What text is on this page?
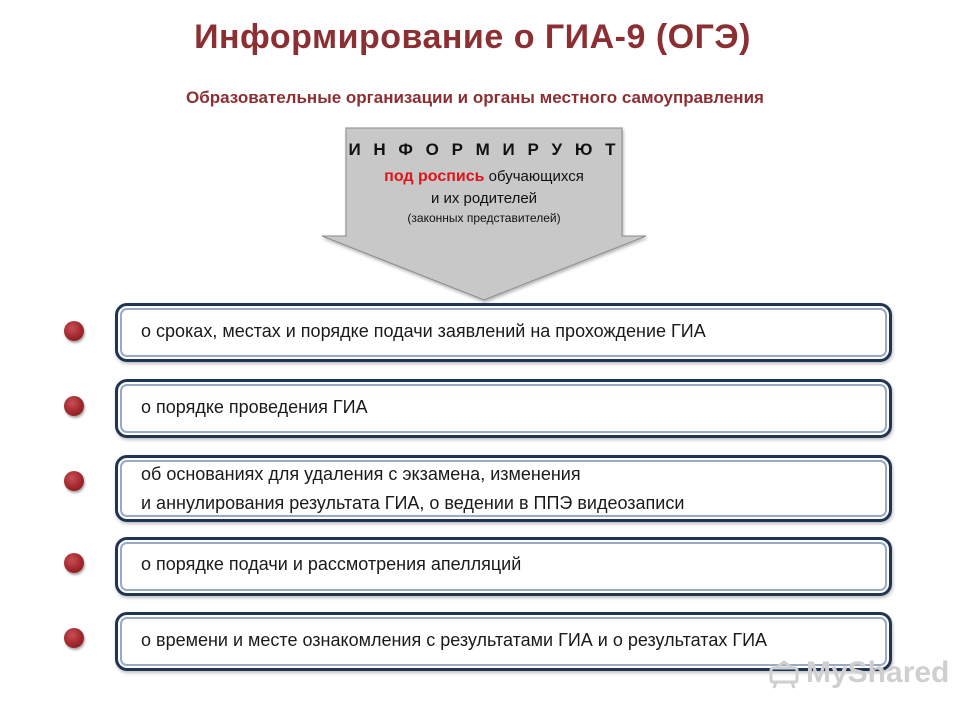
Информирование о ГИА-9 (ОГЭ)
Образовательные организации и органы местного самоуправления
И Н Ф О Р М И Р У Ю Т
под роспись обучающихся
и их родителей
(законных представителей)
о сроках, местах и порядке подачи заявлений на прохождение ГИА
о порядке проведения ГИА
об основаниях для удаления с экзамена, изменения
и аннулирования результата ГИА, о ведении в ППЭ видеозаписи
о порядке подачи и рассмотрения апелляций
о времени и месте ознакомления с результатами ГИА и о результатах ГИА
MyShared
